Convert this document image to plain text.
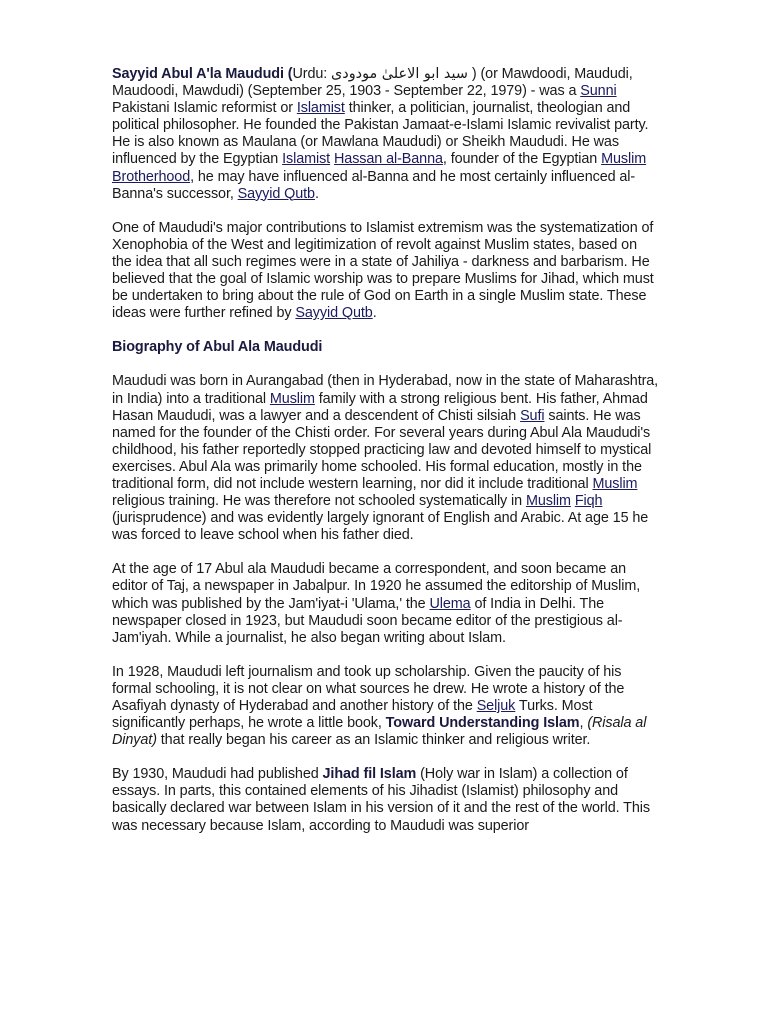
Sayyid Abul A'la Maududi (Urdu: سید ابو الاعلیٰ مودودی ) (or Mawdoodi, Maududi, Maudoodi, Mawdudi) (September 25, 1903 - September 22, 1979) - was a Sunni Pakistani Islamic reformist or Islamist thinker, a politician, journalist, theologian and political philosopher. He founded the Pakistan Jamaat-e-Islami Islamic revivalist party. He is also known as Maulana (or Mawlana Maududi) or Sheikh Maududi. He was influenced by the Egyptian Islamist Hassan al-Banna, founder of the Egyptian Muslim Brotherhood, he may have influenced al-Banna and he most certainly influenced al-Banna's successor, Sayyid Qutb.

One of Maududi's major contributions to Islamist extremism was the systematization of Xenophobia of the West and legitimization of revolt against Muslim states, based on the idea that all such regimes were in a state of Jahiliya - darkness and barbarism. He believed that the goal of Islamic worship was to prepare Muslims for Jihad, which must be undertaken to bring about the rule of God on Earth in a single Muslim state. These ideas were further refined by Sayyid Qutb.

Biography of Abul Ala Maududi

Maududi was born in Aurangabad (then in Hyderabad, now in the state of Maharashtra, in India) into a traditional Muslim family with a strong religious bent. His father, Ahmad Hasan Maududi, was a lawyer and a descendent of Chisti silsiah Sufi saints. He was named for the founder of the Chisti order. For several years during Abul Ala Maududi's childhood, his father reportedly stopped practicing law and devoted himself to mystical exercises. Abul Ala was primarily home schooled. His formal education, mostly in the traditional form, did not include western learning, nor did it include traditional Muslim religious training. He was therefore not schooled systematically in Muslim Fiqh (jurisprudence) and was evidently largely ignorant of English and Arabic. At age 15 he was forced to leave school when his father died.

At the age of 17 Abul ala Maududi became a correspondent, and soon became an editor of Taj, a newspaper in Jabalpur. In 1920 he assumed the editorship of Muslim, which was published by the Jam'iyat-i 'Ulama,' the Ulema of India in Delhi. The newspaper closed in 1923, but Maududi soon became editor of the prestigious al-Jam'iyah. While a journalist, he also began writing about Islam.

In 1928, Maududi left journalism and took up scholarship. Given the paucity of his formal schooling, it is not clear on what sources he drew. He wrote a history of the Asafiyah dynasty of Hyderabad and another history of the Seljuk Turks. Most significantly perhaps, he wrote a little book, Toward Understanding Islam, (Risala al Dinyat) that really began his career as an Islamic thinker and religious writer.

By 1930, Maududi had published Jihad fil Islam (Holy war in Islam) a collection of essays. In parts, this contained elements of his Jihadist (Islamist) philosophy and basically declared war between Islam in his version of it and the rest of the world. This was necessary because Islam, according to Maududi was superior
